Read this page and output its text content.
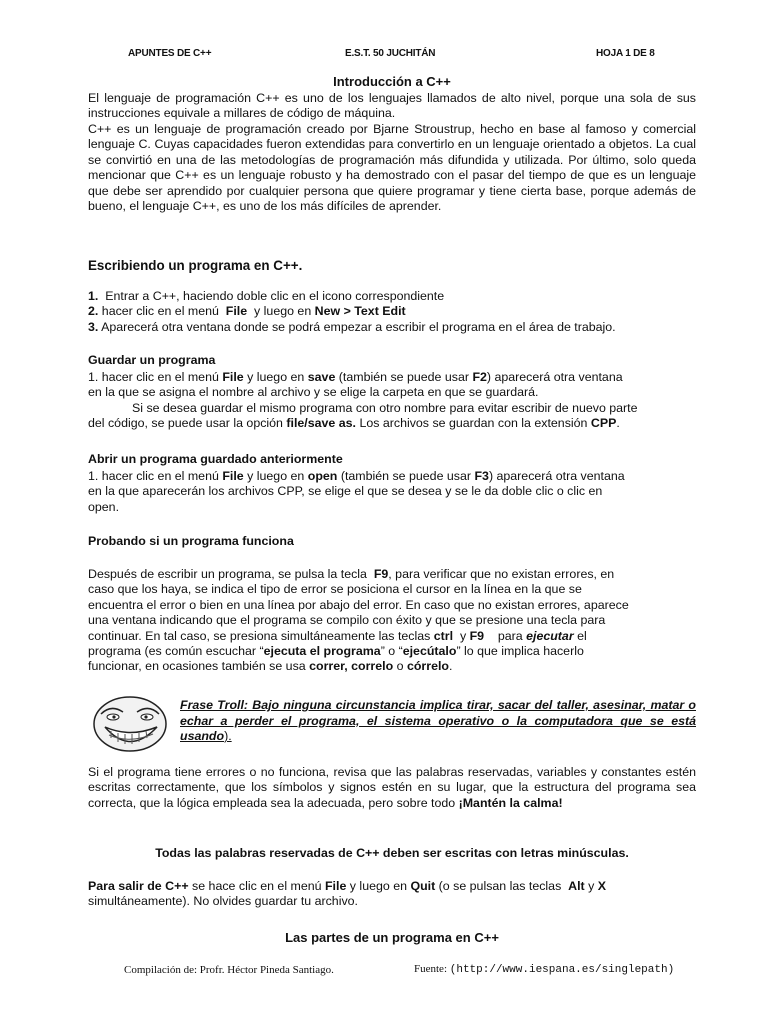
APUNTES DE C++	E.S.T. 50 JUCHITÁN	HOJA 1 DE 8
Introducción a C++
El lenguaje de programación C++ es uno de los lenguajes llamados de alto nivel, porque una sola de sus instrucciones equivale a millares de código de máquina.
C++ es un lenguaje de programación creado por Bjarne Stroustrup, hecho en base al famoso y comercial lenguaje C. Cuyas capacidades fueron extendidas para convertirlo en un lenguaje orientado a objetos. La cual se convirtió en una de las metodologías de programación más difundida y utilizada. Por último, solo queda mencionar que C++ es un lenguaje robusto y ha demostrado con el pasar del tiempo de que es un lenguaje que debe ser aprendido por cualquier persona que quiere programar y tiene cierta base, porque además de bueno, el lenguaje C++, es uno de los más difíciles de aprender.
Escribiendo un programa en C++.
1. Entrar a C++, haciendo doble clic en el icono correspondiente
2. hacer clic en el menú File y luego en New > Text Edit
3. Aparecerá otra ventana donde se podrá empezar a escribir el programa en el área de trabajo.
Guardar un programa
1. hacer clic en el menú File y luego en save (también se puede usar F2) aparecerá otra ventana
en la que se asigna el nombre al archivo y se elige la carpeta en que se guardará.
Si se desea guardar el mismo programa con otro nombre para evitar escribir de nuevo parte
del código, se puede usar la opción file/save as. Los archivos se guardan con la extensión CPP.
Abrir un programa guardado anteriormente
1. hacer clic en el menú File y luego en open (también se puede usar F3) aparecerá otra ventana
en la que aparecerán los archivos CPP, se elige el que se desea y se le da doble clic o clic en
open.
Probando si un programa funciona
Después de escribir un programa, se pulsa la tecla F9, para verificar que no existan errores, en
caso que los haya, se indica el tipo de error se posiciona el cursor en la línea en la que se
encuentra el error o bien en una línea por abajo del error. En caso que no existan errores, aparece
una ventana indicando que el programa se compilo con éxito y que se presione una tecla para
continuar. En tal caso, se presiona simultáneamente las teclas ctrl y F9 para ejecutar el
programa (es común escuchar “ejecuta el programa” o “ejecútalo” lo que implica hacerlo
funcionar, en ocasiones también se usa correr, correlo o córrelo.
Frase Troll: Bajo ninguna circunstancia implica tirar, sacar del taller, asesinar, matar o echar a perder el programa, el sistema operativo o la computadora que se está usando).
Si el programa tiene errores o no funciona, revisa que las palabras reservadas, variables y constantes estén escritas correctamente, que los símbolos y signos estén en su lugar, que la estructura del programa sea correcta, que la lógica empleada sea la adecuada, pero sobre todo ¡Mantén la calma!
Todas las palabras reservadas de C++ deben ser escritas con letras minúsculas.
Para salir de C++ se hace clic en el menú File y luego en Quit (o se pulsan las teclas Alt y X
simultáneamente). No olvides guardar tu archivo.
Las partes de un programa en C++
Compilación de: Profr. Héctor Pineda Santiago.	Fuente: (http://www.iespana.es/singlepath)
